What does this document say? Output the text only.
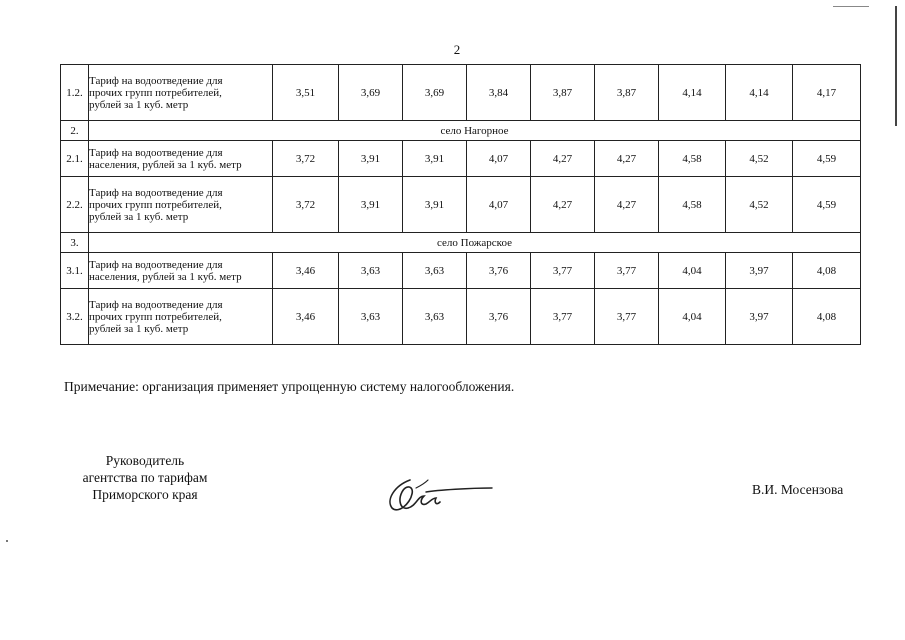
2
1.2.	Тариф на водоотведение для
прочих групп потребителей,
рублей за 1 куб. метр	3,51	3,69	3,69	3,84	3,87	3,87	4,14	4,14	4,17
2.	село Нагорное									
2.1.	Тариф на водоотведение для
населения, рублей за 1 куб. метр	3,72	3,91	3,91	4,07	4,27	4,27	4,58	4,52	4,59
2.2.	Тариф на водоотведение для
прочих групп потребителей,
рублей за 1 куб. метр	3,72	3,91	3,91	4,07	4,27	4,27	4,58	4,52	4,59
3.	село Пожарское									
3.1.	Тариф на водоотведение для
населения, рублей за 1 куб. метр	3,46	3,63	3,63	3,76	3,77	3,77	4,04	3,97	4,08
3.2.	Тариф на водоотведение для
прочих групп потребителей,
рублей за 1 куб. метр	3,46	3,63	3,63	3,76	3,77	3,77	4,04	3,97	4,08
Примечание: организация применяет упрощенную систему налогообложения.
Руководитель
агентства по тарифам
Приморского края	В.И. Мосензова
